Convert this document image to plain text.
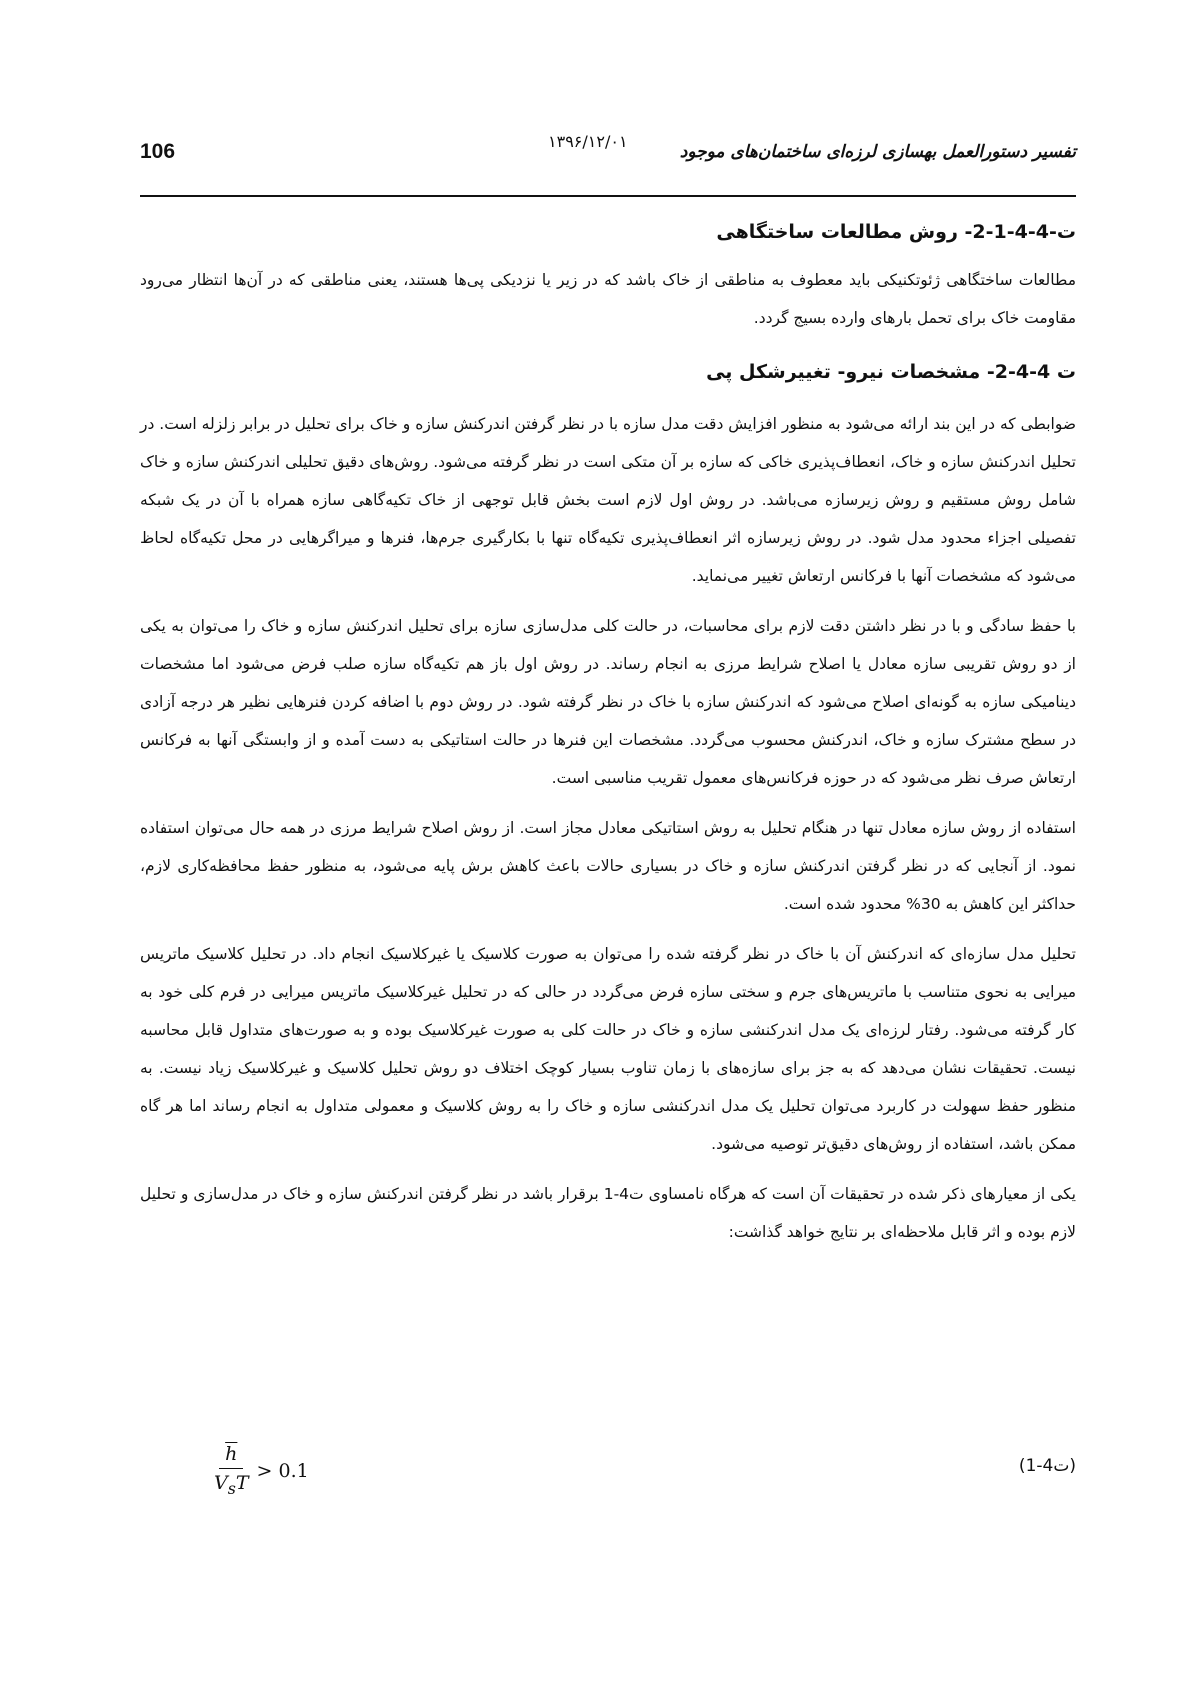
106	۱۳۹۶/۱۲/۰۱
تفسیر دستورالعمل بهسازی لرزه‌ای ساختمان‌های موجود
ت-4-4-1-2- روش مطالعات ساختگاهی

مطالعات ساختگاهی ژئوتکنیکی باید معطوف به مناطقی از خاک باشد که در زیر یا نزدیکی پی‌ها هستند، یعنی مناطقی که در آن‌ها انتظار می‌رود مقاومت خاک برای تحمل بارهای وارده بسیج گردد.

ت 4-4-2- مشخصات نیرو- تغییرشکل پی

ضوابطی که در این بند ارائه می‌شود به منظور افزایش دقت مدل سازه با در نظر گرفتن اندرکنش سازه و خاک برای تحلیل در برابر زلزله است. در تحلیل اندرکنش سازه و خاک، انعطاف‌پذیری خاکی که سازه بر آن متکی است در نظر گرفته می‌شود. روش‌های دقیق تحلیلی اندرکنش سازه و خاک شامل روش مستقیم و روش زیرسازه می‌باشد. در روش اول لازم است بخش قابل توجهی از خاک تکیه‌گاهی سازه همراه با آن در یک شبکه تفصیلی اجزاء محدود مدل شود. در روش زیرسازه اثر انعطاف‌پذیری تکیه‌گاه تنها با بکارگیری جرم‌ها، فنرها و میراگرهایی در محل تکیه‌گاه لحاظ می‌شود که مشخصات آنها با فرکانس ارتعاش تغییر می‌نماید.

با حفظ سادگی و با در نظر داشتن دقت لازم برای محاسبات، در حالت کلی مدل‌سازی سازه برای تحلیل اندرکنش سازه و خاک را می‌توان به یکی از دو روش تقریبی سازه معادل یا اصلاح شرایط مرزی به انجام رساند. در روش اول باز هم تکیه‌گاه سازه صلب فرض می‌شود اما مشخصات دینامیکی سازه به گونه‌ای اصلاح می‌شود که اندرکنش سازه با خاک در نظر گرفته شود. در روش دوم با اضافه کردن فنرهایی نظیر هر درجه آزادی در سطح مشترک سازه و خاک، اندرکنش محسوب می‌گردد. مشخصات این فنرها در حالت استاتیکی به دست آمده و از وابستگی آنها به فرکانس ارتعاش صرف نظر می‌شود که در حوزه فرکانس‌های معمول تقریب مناسبی است.

استفاده از روش سازه معادل تنها در هنگام تحلیل به روش استاتیکی معادل مجاز است. از روش اصلاح شرایط مرزی در همه حال می‌توان استفاده نمود. از آنجایی که در نظر گرفتن اندرکنش سازه و خاک در بسیاری حالات باعث کاهش برش پایه می‌شود، به منظور حفظ محافظه‌کاری لازم، حداکثر این کاهش به 30% محدود شده است.

تحلیل مدل سازه‌ای که اندرکنش آن با خاک در نظر گرفته شده را می‌توان به صورت کلاسیک یا غیرکلاسیک انجام داد. در تحلیل کلاسیک ماتریس میرایی به نحوی متناسب با ماتریس‌های جرم و سختی سازه فرض می‌گردد در حالی که در تحلیل غیرکلاسیک ماتریس میرایی در فرم کلی خود به کار گرفته می‌شود. رفتار لرزه‌ای یک مدل اندرکنشی سازه و خاک در حالت کلی به صورت غیرکلاسیک بوده و به صورت‌های متداول قابل محاسبه نیست. تحقیقات نشان می‌دهد که به جز برای سازه‌های با زمان تناوب بسیار کوچک اختلاف دو روش تحلیل کلاسیک و غیرکلاسیک زیاد نیست. به منظور حفظ سهولت در کاربرد می‌توان تحلیل یک مدل اندرکنشی سازه و خاک را به روش کلاسیک و معمولی متداول به انجام رساند اما هر گاه ممکن باشد، استفاده از روش‌های دقیق‌تر توصیه می‌شود.

یکی از معیارهای ذکر شده در تحقیقات آن است که هرگاه نامساوی ت4-1 برقرار باشد در نظر گرفتن اندرکنش سازه و خاک در مدل‌سازی و تحلیل لازم بوده و اثر قابل ملاحظه‌ای بر نتایج خواهد گذاشت:

$\frac{\overline{h}}{V_sT} > 0.1$	(ت4-1)
